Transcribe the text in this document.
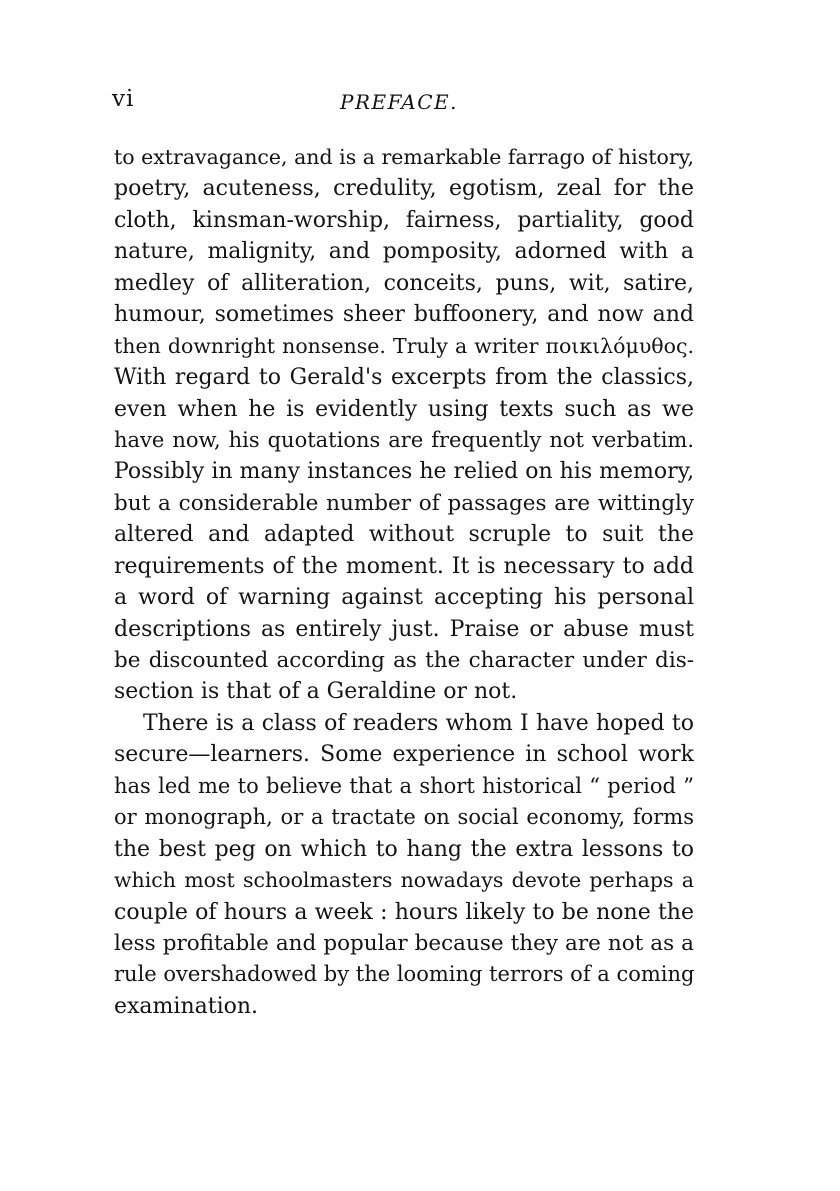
vi	PREFACE.
to extravagance, and is a remarkable farrago of history,
poetry, acuteness, credulity, egotism, zeal for the
cloth, kinsman-worship, fairness, partiality, good
nature, malignity, and pomposity, adorned with a
medley of alliteration, conceits, puns, wit, satire,
humour, sometimes sheer buffoonery, and now and
then downright nonsense. Truly a writer ποικιλόμυθος.
With regard to Gerald's excerpts from the classics,
even when he is evidently using texts such as we
have now, his quotations are frequently not verbatim.
Possibly in many instances he relied on his memory,
but a considerable number of passages are wittingly
altered and adapted without scruple to suit the
requirements of the moment. It is necessary to add
a word of warning against accepting his personal
descriptions as entirely just. Praise or abuse must
be discounted according as the character under dis-
section is that of a Geraldine or not.
There is a class of readers whom I have hoped to
secure—learners. Some experience in school work
has led me to believe that a short historical “ period ”
or monograph, or a tractate on social economy, forms
the best peg on which to hang the extra lessons to
which most schoolmasters nowadays devote perhaps a
couple of hours a week : hours likely to be none the
less profitable and popular because they are not as a
rule overshadowed by the looming terrors of a coming
examination.
